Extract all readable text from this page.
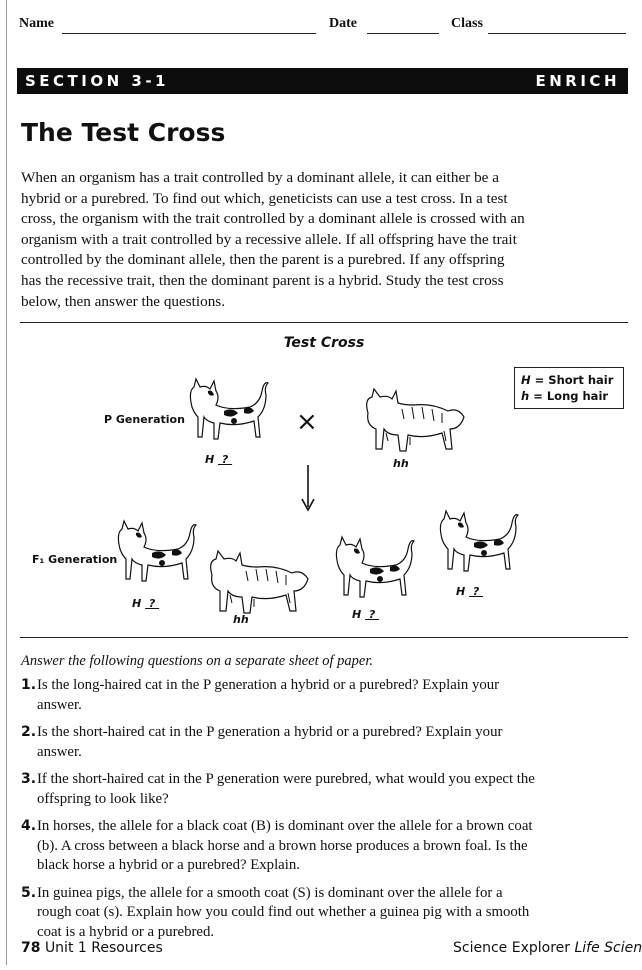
Name	Date	Class
SECTION 3-1	ENRICH
The Test Cross
When an organism has a trait controlled by a dominant allele, it can either be a hybrid or a purebred. To find out which, geneticists can use a test cross. In a test cross, the organism with the trait controlled by a dominant allele is crossed with an organism with a trait controlled by a recessive allele. If all offspring have the trait controlled by the dominant allele, then the parent is a purebred. If any offspring has the recessive trait, then the dominant parent is a hybrid. Study the test cross below, then answer the questions.
Test Cross
H = Short hair
h = Long hair
P Generation
F₁ Generation
×
H  ?	hh
H  ?
hh	H  ?
H  ?
Answer the following questions on a separate sheet of paper.
1. Is the long-haired cat in the P generation a hybrid or a purebred? Explain your answer.
2. Is the short-haired cat in the P generation a hybrid or a purebred? Explain your answer.
3. If the short-haired cat in the P generation were purebred, what would you expect the offspring to look like?
4. In horses, the allele for a black coat (B) is dominant over the allele for a brown coat (b). A cross between a black horse and a brown horse produces a brown foal. Is the black horse a hybrid or a purebred? Explain.
5. In guinea pigs, the allele for a smooth coat (S) is dominant over the allele for a rough coat (s). Explain how you could find out whether a guinea pig with a smooth coat is a hybrid or a purebred.
78 Unit 1 Resources	Science Explorer Life Scien
